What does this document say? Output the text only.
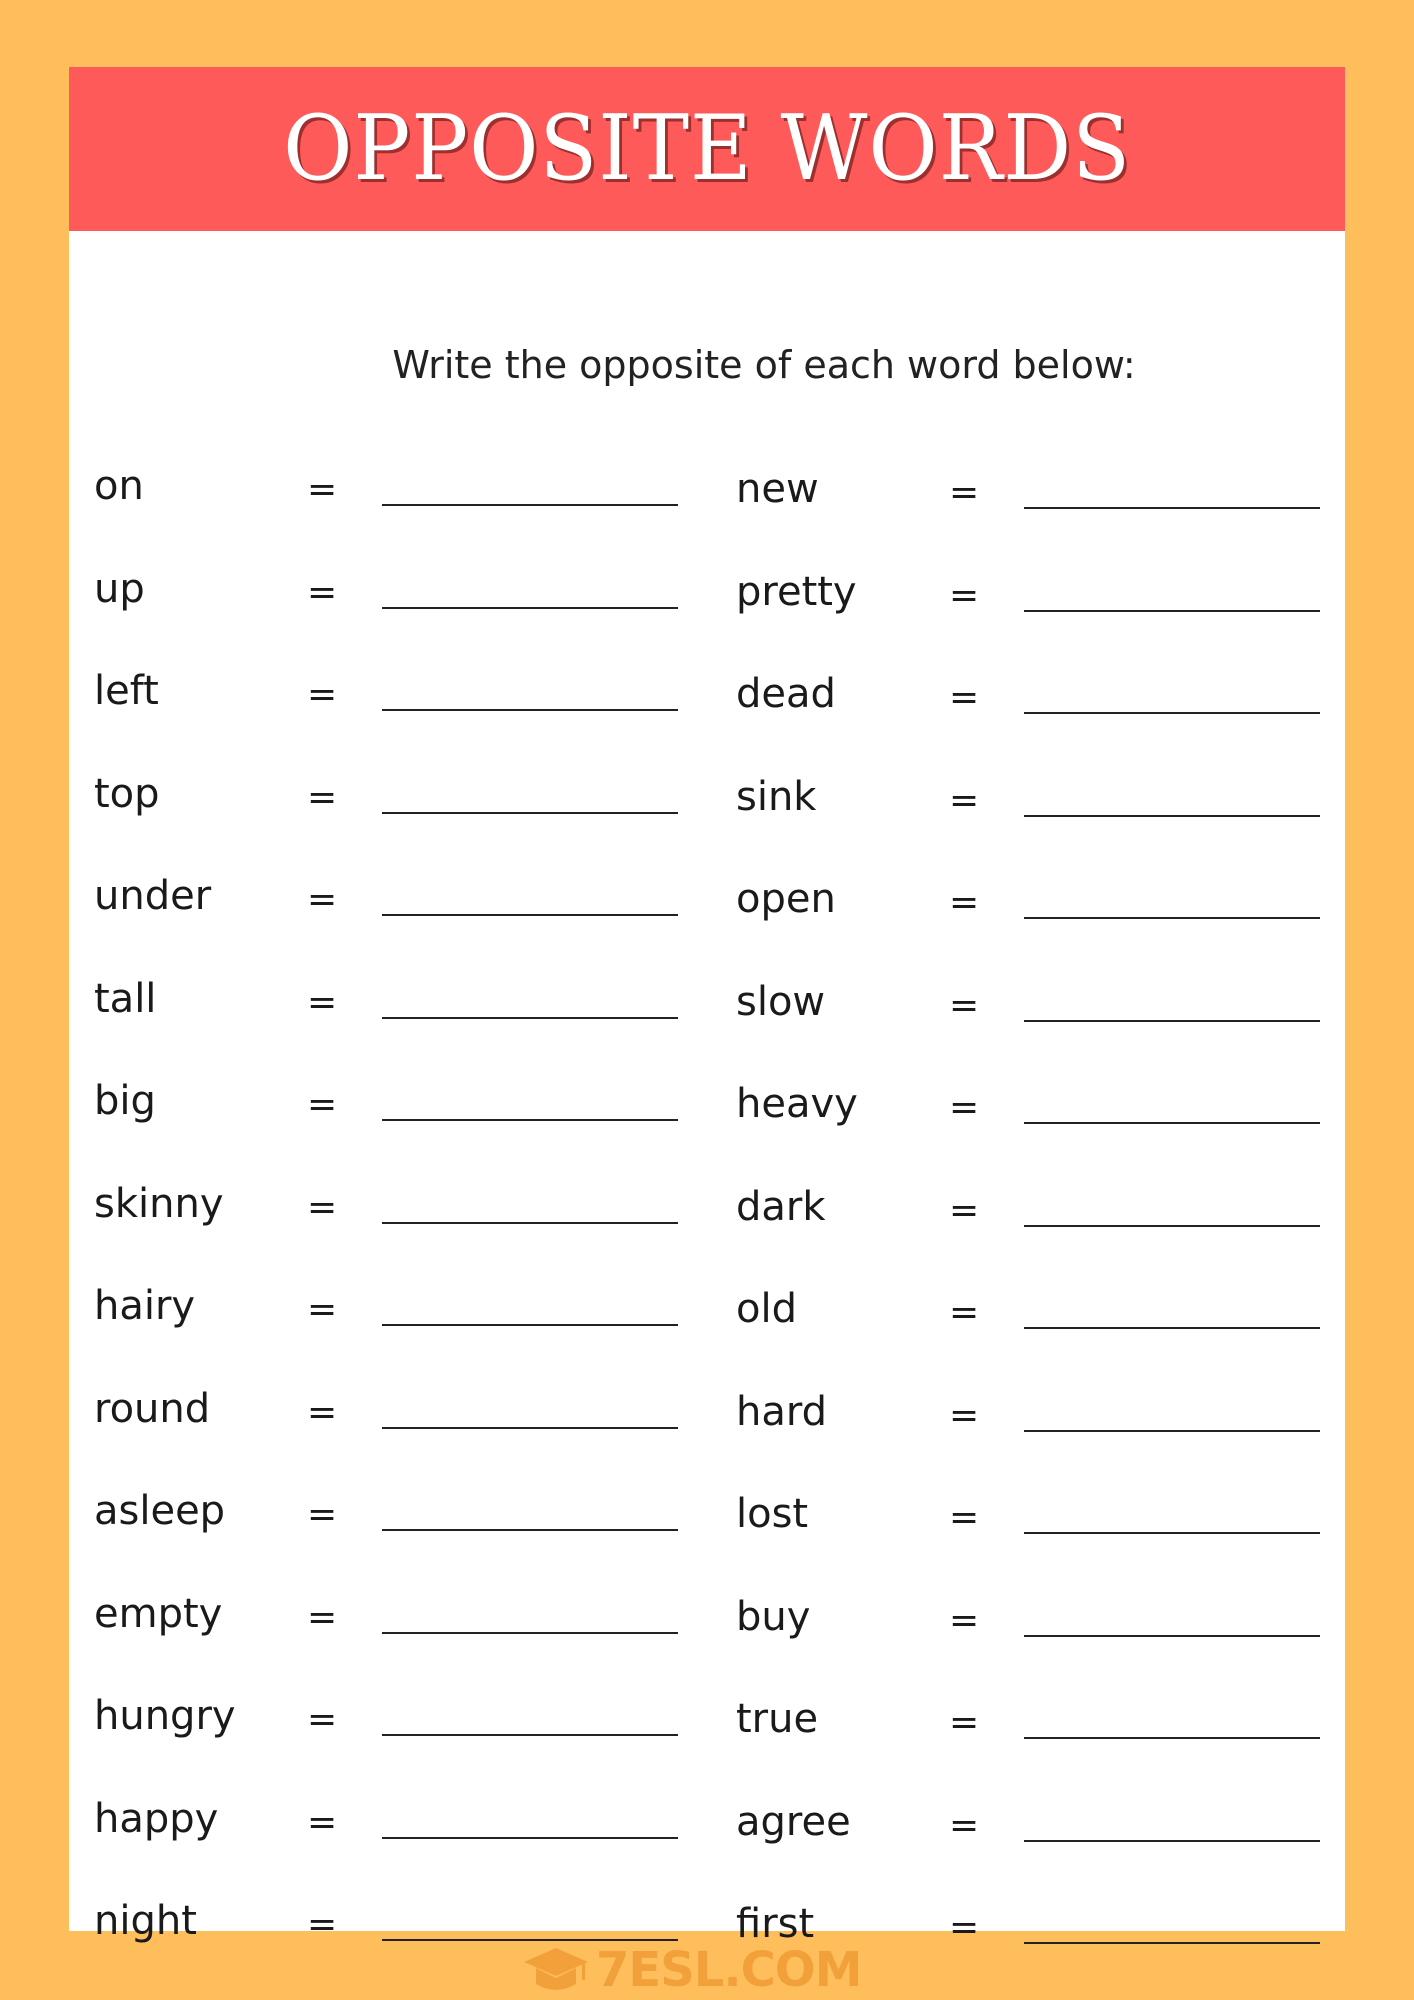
OPPOSITE WORDS
Write the opposite of each word below:
on	=
up	=
left	=
top	=
under	=
tall	=
big	=
skinny =
hairy	=
round	=
asleep =
empty =
hungry =
happy =
night	=
new	=
pretty	=
dead	=
sink	=
open	=
slow	=
heavy	=
dark	=
old	=
hard	=
lost	=
buy	=
true	=
agree	=
first	=
7ESL.COM
